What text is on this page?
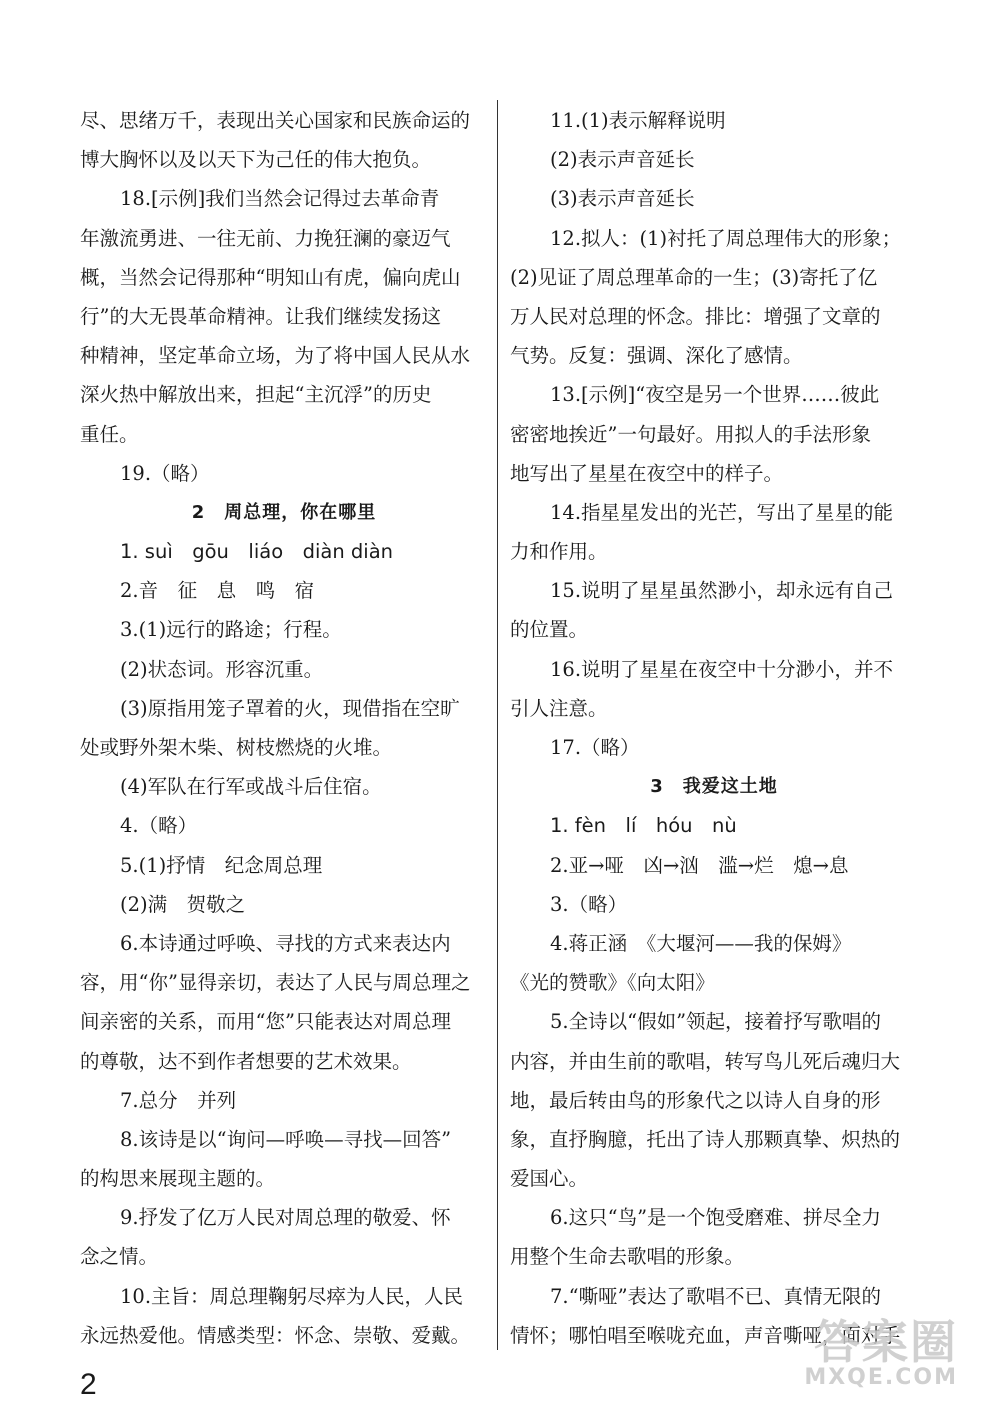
尽、思绪万千，表现出关心国家和民族命运的
博大胸怀以及以天下为己任的伟大抱负。
18.[示例]我们当然会记得过去革命青
年激流勇进、一往无前、力挽狂澜的豪迈气
概，当然会记得那种“明知山有虎，偏向虎山
行”的大无畏革命精神。让我们继续发扬这
种精神，坚定革命立场，为了将中国人民从水
深火热中解放出来，担起“主沉浮”的历史
重任。
19.（略）
2　周总理，你在哪里
1. suì　gōu　liáo　diàn diàn
2.音　征　息　鸣　宿
3.(1)远行的路途；行程。
(2)状态词。形容沉重。
(3)原指用笼子罩着的火，现借指在空旷
处或野外架木柴、树枝燃烧的火堆。
(4)军队在行军或战斗后住宿。
4.（略）
5.(1)抒情　纪念周总理
(2)满　贺敬之
6.本诗通过呼唤、寻找的方式来表达内
容，用“你”显得亲切，表达了人民与周总理之
间亲密的关系，而用“您”只能表达对周总理
的尊敬，达不到作者想要的艺术效果。
7.总分　并列
8.该诗是以“询问—呼唤—寻找—回答”
的构思来展现主题的。
9.抒发了亿万人民对周总理的敬爱、怀
念之情。
10.主旨：周总理鞠躬尽瘁为人民，人民
永远热爱他。情感类型：怀念、崇敬、爱戴。
11.(1)表示解释说明
(2)表示声音延长
(3)表示声音延长
12.拟人：(1)衬托了周总理伟大的形象；
(2)见证了周总理革命的一生；(3)寄托了亿
万人民对总理的怀念。排比：增强了文章的
气势。反复：强调、深化了感情。
13.[示例]“夜空是另一个世界……彼此
密密地挨近”一句最好。用拟人的手法形象
地写出了星星在夜空中的样子。
14.指星星发出的光芒，写出了星星的能
力和作用。
15.说明了星星虽然渺小，却永远有自己
的位置。
16.说明了星星在夜空中十分渺小，并不
引人注意。
17.（略）
3　我爱这土地
1. fèn　lí　hóu　nù
2.亚→哑　凶→汹　滥→烂　熄→息
3.（略）
4.蒋正涵　《大堰河——我的保姆》
《光的赞歌》《向太阳》
5.全诗以“假如”领起，接着抒写歌唱的
内容，并由生前的歌唱，转写鸟儿死后魂归大
地，最后转由鸟的形象代之以诗人自身的形
象，直抒胸臆，托出了诗人那颗真挚、炽热的
爱国心。
6.这只“鸟”是一个饱受磨难、拼尽全力
用整个生命去歌唱的形象。
7.“嘶哑”表达了歌唱不已、真情无限的
情怀；哪怕唱至喉咙充血，声音嘶哑，面对手
2
答案圈
MXQE.COM
